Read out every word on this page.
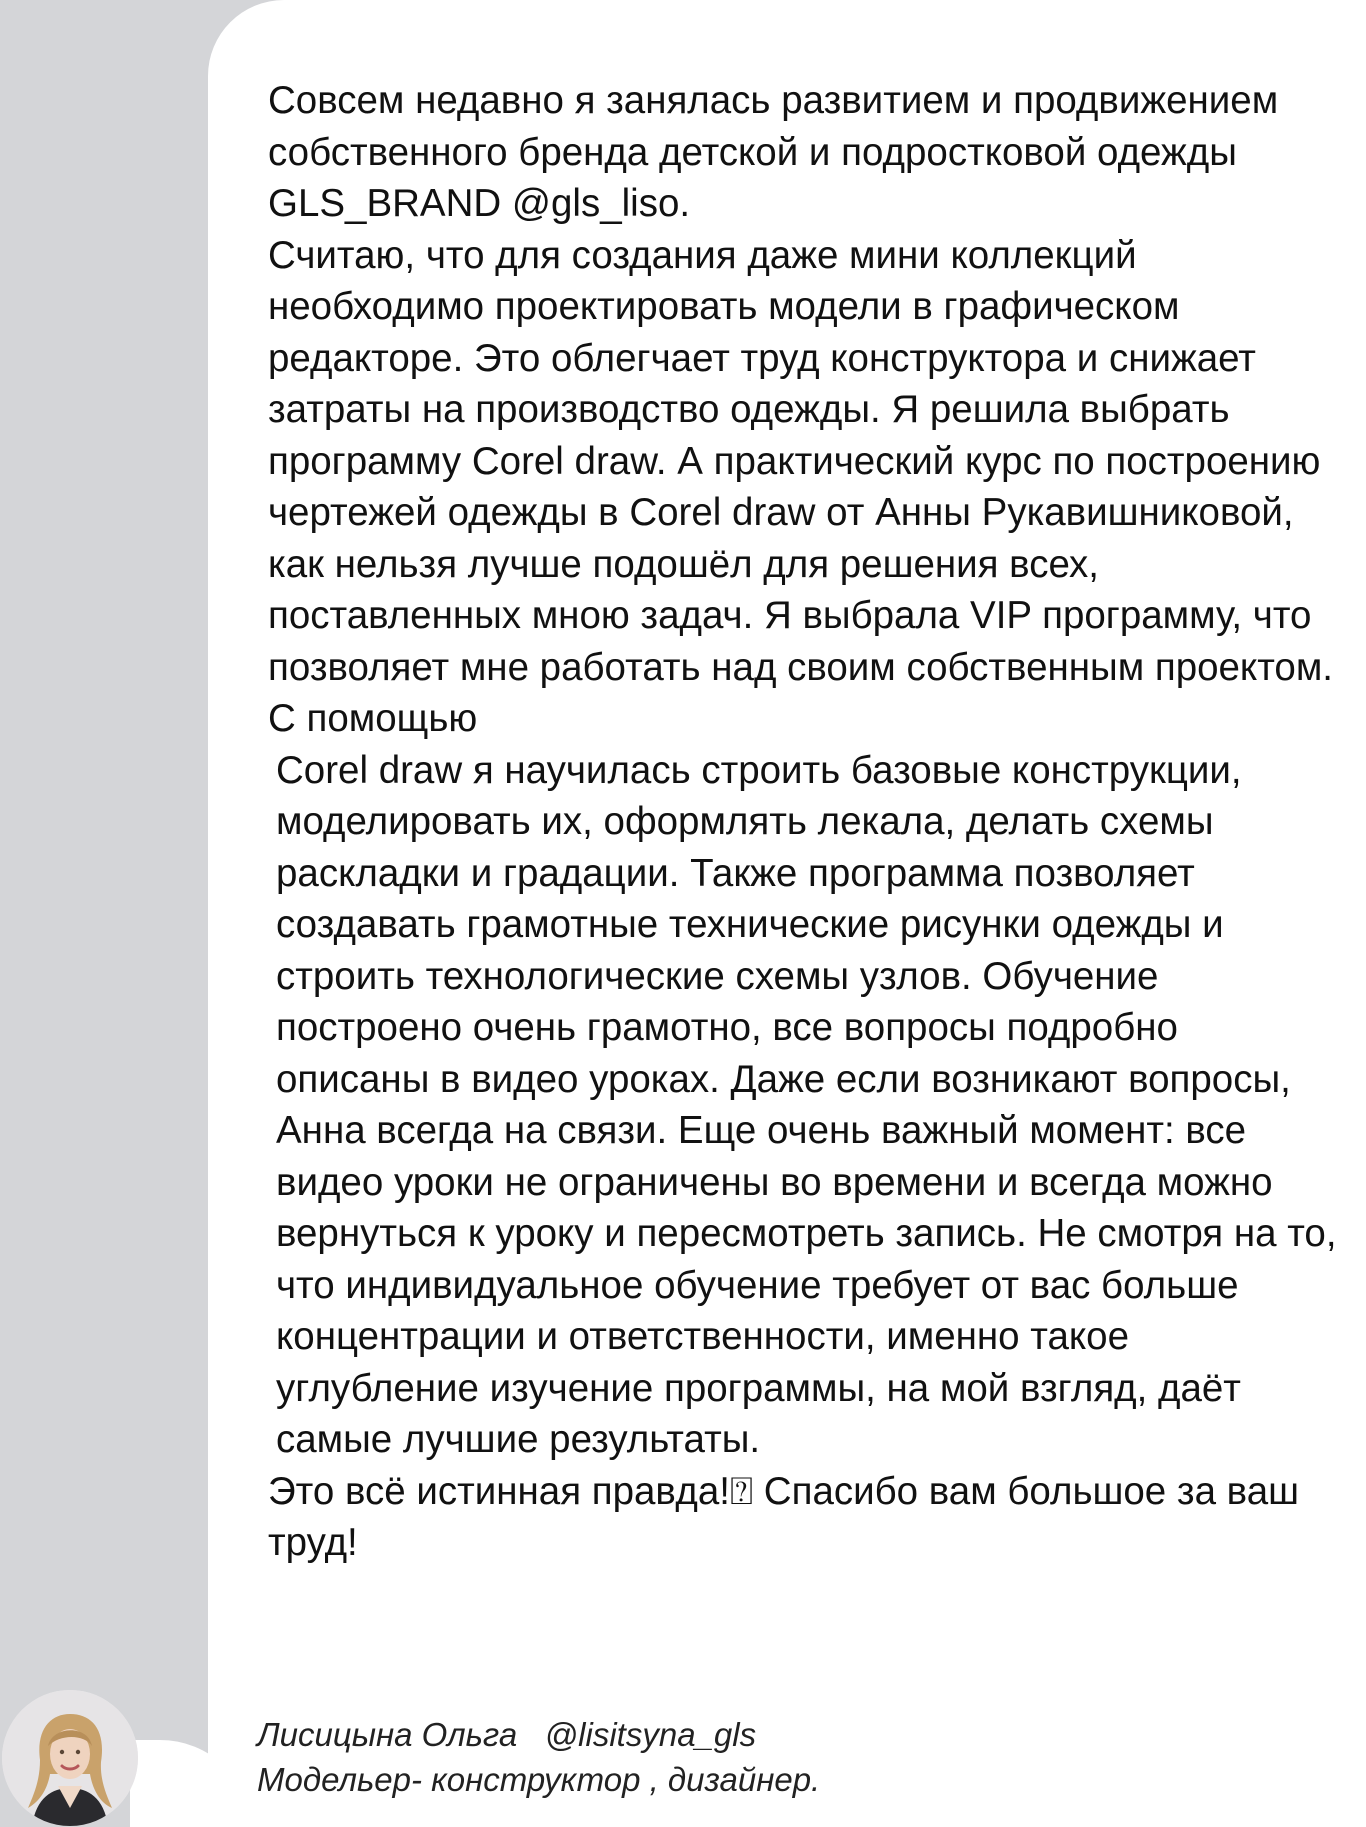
Совсем недавно я занялась развитием и продвижением собственного бренда детской и подростковой одежды GLS_BRAND @gls_liso.

Считаю, что для создания даже мини коллекций необходимо проектировать модели в графическом редакторе. Это облегчает труд конструктора и снижает затраты на производство одежды. Я решила выбрать программу Corel draw. А практический курс по построению чертежей одежды в Corel draw от Анны Рукавишниковой, как нельзя лучше подошёл для решения всех, поставленных мною задач. Я выбрала VIP программу, что позволяет мне работать над своим собственным проектом. С помощью

Corel draw я научилась строить базовые конструкции, моделировать их, оформлять лекала, делать схемы раскладки и градации. Также программа позволяет создавать грамотные технические рисунки одежды и строить технологические схемы узлов. Обучение построено очень грамотно, все вопросы подробно описаны в видео уроках. Даже если возникают вопросы, Анна всегда на связи. Еще очень важный момент: все видео уроки не ограничены во времени и всегда можно вернуться к уроку и пересмотреть запись. Не смотря на то, что индивидуальное обучение требует от вас больше концентрации и ответственности, именно такое углубление изучение программы, на мой взгляд, даёт самые лучшие результаты.

Это всё истинная правда!⍰ Спасибо вам большое за ваш труд!

Лисицына Ольга   @lisitsyna_gls
Модельер- конструктор , дизайнер.
